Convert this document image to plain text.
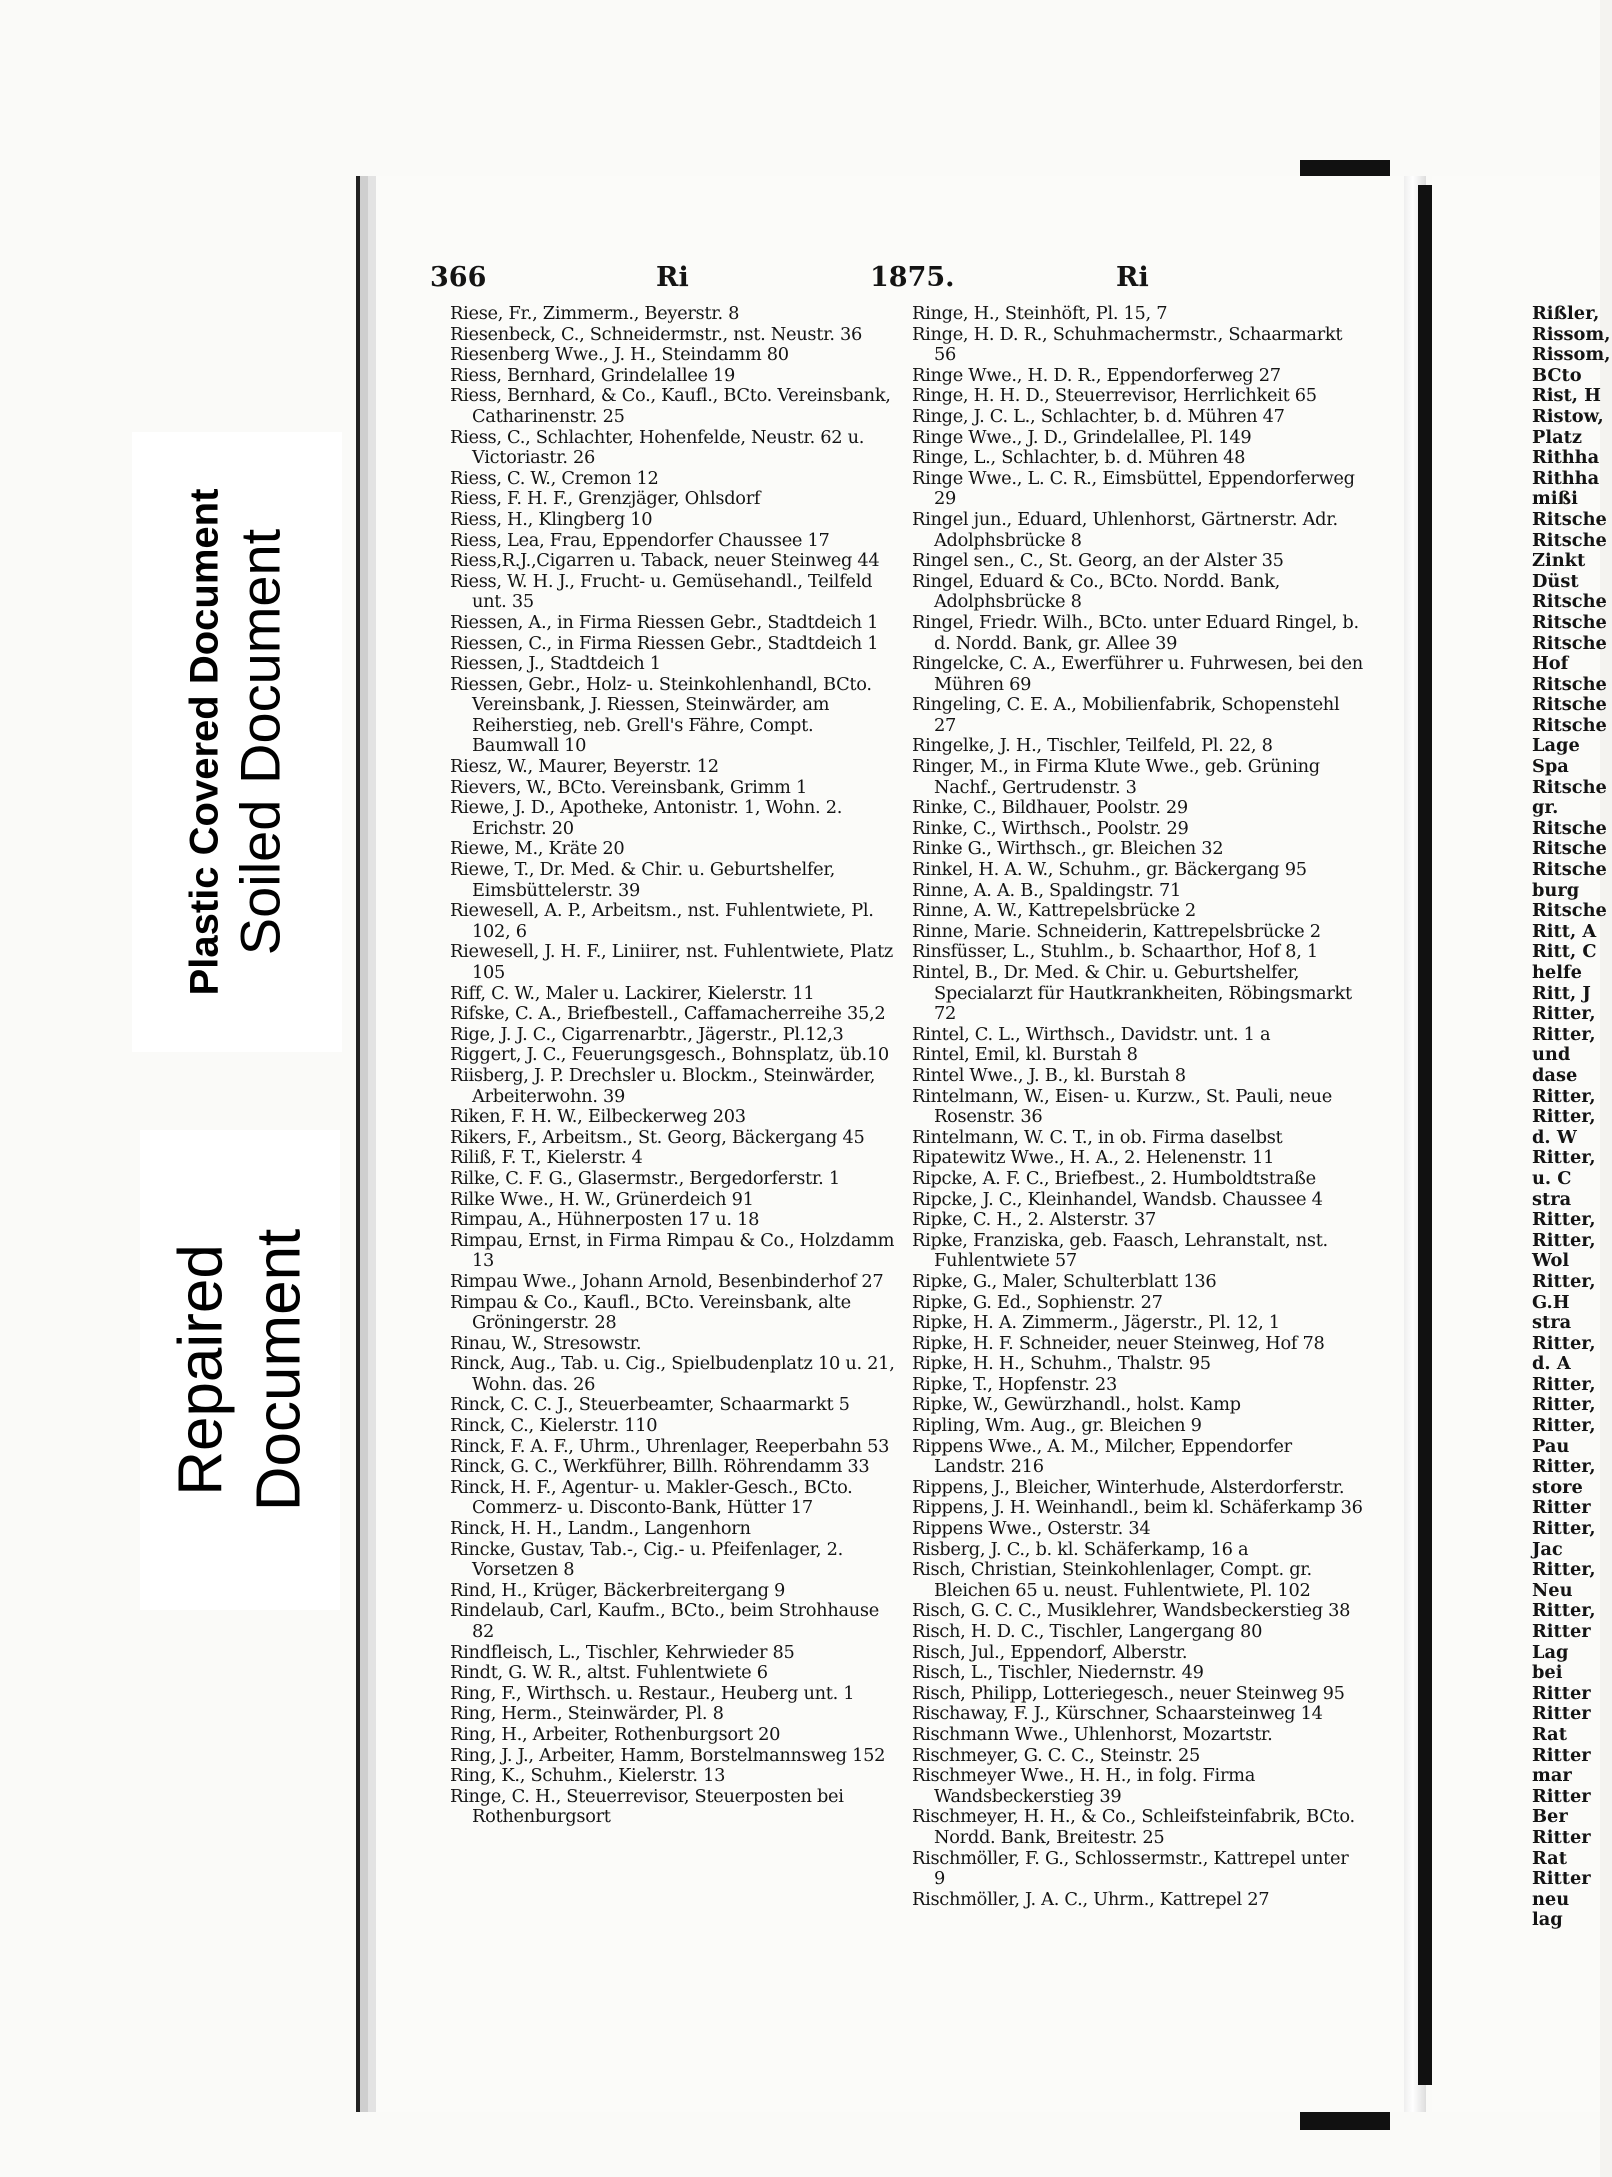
Plastic Covered Document Soiled Document
Repaired Document
366	Ri	1875.	Ri
Riese, Fr., Zimmerm., Beyerstr. 8
Riesenbeck, C., Schneidermstr., nst. Neustr. 36
Riesenberg Wwe., J. H., Steindamm 80
Riess, Bernhard, Grindelallee 19
Riess, Bernhard, & Co., Kaufl., BCto. Vereinsbank, Catharinenstr. 25
Riess, C., Schlachter, Hohenfelde, Neustr. 62 u. Victoriastr. 26
Riess, C. W., Cremon 12
Riess, F. H. F., Grenzjäger, Ohlsdorf
Riess, H., Klingberg 10
Riess, Lea, Frau, Eppendorfer Chaussee 17
Riess,R.J.,Cigarren u. Taback, neuer Steinweg 44
Riess, W. H. J., Frucht- u. Gemüsehandl., Teilfeld unt. 35
Riessen, A., in Firma Riessen Gebr., Stadtdeich 1
Riessen, C., in Firma Riessen Gebr., Stadtdeich 1
Riessen, J., Stadtdeich 1
Riessen, Gebr., Holz- u. Steinkohlenhandl, BCto. Vereinsbank, J. Riessen, Steinwärder, am Reiherstieg, neb. Grell's Fähre, Compt. Baumwall 10
Riesz, W., Maurer, Beyerstr. 12
Rievers, W., BCto. Vereinsbank, Grimm 1
Riewe, J. D., Apotheke, Antonistr. 1, Wohn. 2. Erichstr. 20
Riewe, M., Kräte 20
Riewe, T., Dr. Med. & Chir. u. Geburtshelfer, Eimsbüttelerstr. 39
Riewesell, A. P., Arbeitsm., nst. Fuhlentwiete, Pl. 102, 6
Riewesell, J. H. F., Liniirer, nst. Fuhlentwiete, Platz 105
Riff, C. W., Maler u. Lackirer, Kielerstr. 11
Rifske, C. A., Briefbestell., Caffamacherreihe 35,2
Rige, J. J. C., Cigarrenarbtr., Jägerstr., Pl.12,3
Riggert, J. C., Feuerungsgesch., Bohnsplatz, üb.10
Riisberg, J. P. Drechsler u. Blockm., Steinwärder, Arbeiterwohn. 39
Riken, F. H. W., Eilbeckerweg 203
Rikers, F., Arbeitsm., St. Georg, Bäckergang 45
Riliß, F. T., Kielerstr. 4
Rilke, C. F. G., Glasermstr., Bergedorferstr. 1
Rilke Wwe., H. W., Grünerdeich 91
Rimpau, A., Hühnerposten 17 u. 18
Rimpau, Ernst, in Firma Rimpau & Co., Holzdamm 13
Rimpau Wwe., Johann Arnold, Besenbinderhof 27
Rimpau & Co., Kaufl., BCto. Vereinsbank, alte Gröningerstr. 28
Rinau, W., Stresowstr.
Rinck, Aug., Tab. u. Cig., Spielbudenplatz 10 u. 21, Wohn. das. 26
Rinck, C. C. J., Steuerbeamter, Schaarmarkt 5
Rinck, C., Kielerstr. 110
Rinck, F. A. F., Uhrm., Uhrenlager, Reeperbahn 53
Rinck, G. C., Werkführer, Billh. Röhrendamm 33
Rinck, H. F., Agentur- u. Makler-Gesch., BCto. Commerz- u. Disconto-Bank, Hütter 17
Rinck, H. H., Landm., Langenhorn
Rincke, Gustav, Tab.-, Cig.- u. Pfeifenlager, 2. Vorsetzen 8
Rind, H., Krüger, Bäckerbreitergang 9
Rindelaub, Carl, Kaufm., BCto., beim Strohhause 82
Rindfleisch, L., Tischler, Kehrwieder 85
Rindt, G. W. R., altst. Fuhlentwiete 6
Ring, F., Wirthsch. u. Restaur., Heuberg unt. 1
Ring, Herm., Steinwärder, Pl. 8
Ring, H., Arbeiter, Rothenburgsort 20
Ring, J. J., Arbeiter, Hamm, Borstelmannsweg 152
Ring, K., Schuhm., Kielerstr. 13
Ringe, C. H., Steuerrevisor, Steuerposten bei Rothenburgsort
Ringe, H., Steinhöft, Pl. 15, 7
Ringe, H. D. R., Schuhmachermstr., Schaarmarkt 56
Ringe Wwe., H. D. R., Eppendorferweg 27
Ringe, H. H. D., Steuerrevisor, Herrlichkeit 65
Ringe, J. C. L., Schlachter, b. d. Mühren 47
Ringe Wwe., J. D., Grindelallee, Pl. 149
Ringe, L., Schlachter, b. d. Mühren 48
Ringe Wwe., L. C. R., Eimsbüttel, Eppendorferweg 29
Ringel jun., Eduard, Uhlenhorst, Gärtnerstr. Adr. Adolphsbrücke 8
Ringel sen., C., St. Georg, an der Alster 35
Ringel, Eduard & Co., BCto. Nordd. Bank, Adolphsbrücke 8
Ringel, Friedr. Wilh., BCto. unter Eduard Ringel, b. d. Nordd. Bank, gr. Allee 39
Ringelcke, C. A., Ewerführer u. Fuhrwesen, bei den Mühren 69
Ringeling, C. E. A., Mobilienfabrik, Schopenstehl 27
Ringelke, J. H., Tischler, Teilfeld, Pl. 22, 8
Ringer, M., in Firma Klute Wwe., geb. Grüning Nachf., Gertrudenstr. 3
Rinke, C., Bildhauer, Poolstr. 29
Rinke, C., Wirthsch., Poolstr. 29
Rinke G., Wirthsch., gr. Bleichen 32
Rinkel, H. A. W., Schuhm., gr. Bäckergang 95
Rinne, A. A. B., Spaldingstr. 71
Rinne, A. W., Kattrepelsbrücke 2
Rinne, Marie. Schneiderin, Kattrepelsbrücke 2
Rinsfüsser, L., Stuhlm., b. Schaarthor, Hof 8, 1
Rintel, B., Dr. Med. & Chir. u. Geburtshelfer, Specialarzt für Hautkrankheiten, Röbingsmarkt 72
Rintel, C. L., Wirthsch., Davidstr. unt. 1 a
Rintel, Emil, kl. Burstah 8
Rintel Wwe., J. B., kl. Burstah 8
Rintelmann, W., Eisen- u. Kurzw., St. Pauli, neue Rosenstr. 36
Rintelmann, W. C. T., in ob. Firma daselbst
Ripatewitz Wwe., H. A., 2. Helenenstr. 11
Ripcke, A. F. C., Briefbest., 2. Humboldtstraße
Ripcke, J. C., Kleinhandel, Wandsb. Chaussee 4
Ripke, C. H., 2. Alsterstr. 37
Ripke, Franziska, geb. Faasch, Lehranstalt, nst. Fuhlentwiete 57
Ripke, G., Maler, Schulterblatt 136
Ripke, G. Ed., Sophienstr. 27
Ripke, H. A. Zimmerm., Jägerstr., Pl. 12, 1
Ripke, H. F. Schneider, neuer Steinweg, Hof 78
Ripke, H. H., Schuhm., Thalstr. 95
Ripke, T., Hopfenstr. 23
Ripke, W., Gewürzhandl., holst. Kamp
Ripling, Wm. Aug., gr. Bleichen 9
Rippens Wwe., A. M., Milcher, Eppendorfer Landstr. 216
Rippens, J., Bleicher, Winterhude, Alsterdorferstr.
Rippens, J. H. Weinhandl., beim kl. Schäferkamp 36
Rippens Wwe., Osterstr. 34
Risberg, J. C., b. kl. Schäferkamp, 16 a
Risch, Christian, Steinkohlenlager, Compt. gr. Bleichen 65 u. neust. Fuhlentwiete, Pl. 102
Risch, G. C. C., Musiklehrer, Wandsbeckerstieg 38
Risch, H. D. C., Tischler, Langergang 80
Risch, Jul., Eppendorf, Alberstr.
Risch, L., Tischler, Niedernstr. 49
Risch, Philipp, Lotteriegesch., neuer Steinweg 95
Rischaway, F. J., Kürschner, Schaarsteinweg 14
Rischmann Wwe., Uhlenhorst, Mozartstr.
Rischmeyer, G. C. C., Steinstr. 25
Rischmeyer Wwe., H. H., in folg. Firma Wandsbeckerstieg 39
Rischmeyer, H. H., & Co., Schleifsteinfabrik, BCto. Nordd. Bank, Breitestr. 25
Rischmöller, F. G., Schlossermstr., Kattrepel unter 9
Rischmöller, J. A. C., Uhrm., Kattrepel 27
Rißler,
Rissom,
Rissom,
BCto
Rist, H
Ristow,
Platz
Rithha
Rithha
mißi
Ritsche
Ritsche
Zinkt
Düst
Ritsche
Ritsche
Ritsche
Hof
Ritsche
Ritsche
Ritsche
Lage
Spa
Ritsche
gr.
Ritsche
Ritsche
Ritsche
burg
Ritsche
Ritt, A
Ritt, C
helfe
Ritt, J
Ritter,
Ritter,
und
dase
Ritter,
Ritter,
d. W
Ritter,
u. C
stra
Ritter,
Ritter,
Wol
Ritter,
G.H
stra
Ritter,
d. A
Ritter,
Ritter,
Ritter,
Pau
Ritter,
store
Ritter
Ritter,
Jac
Ritter,
Neu
Ritter,
Ritter
Lag
bei
Ritter
Ritter
Rat
Ritter
mar
Ritter
Ber
Ritter
Rat
Ritter
neu
lag
